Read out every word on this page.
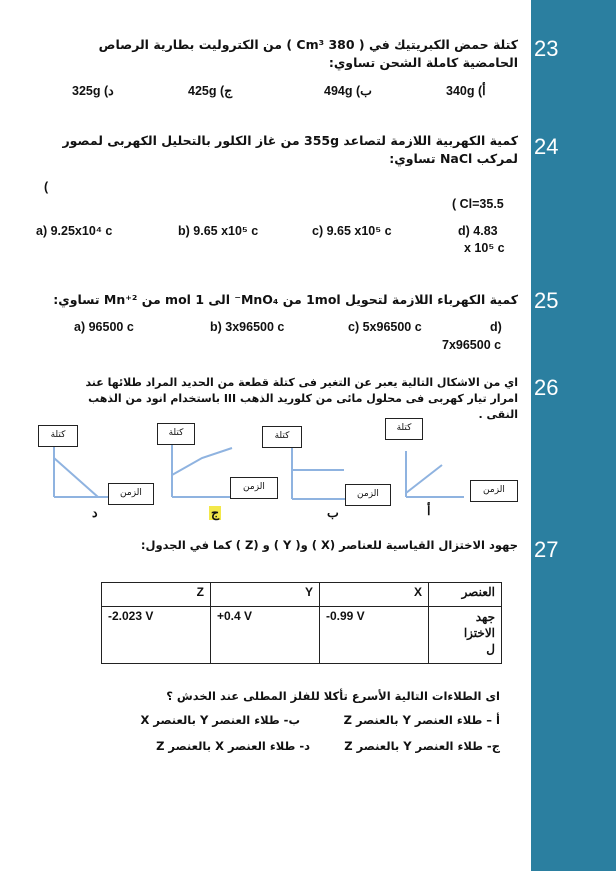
23
كتلة حمض الكبريتيك في ( 380 Cm³ ) من الكتروليت بطارية الرصاص الحامضية كاملة الشحن تساوي:
أ) 340g
ب) 494g
ج) 425g
د) 325g
24
كمية الكهربية اللازمة لتصاعد 355g من غاز الكلور بالتحليل الكهربى لمصور لمركب NaCl تساوي:
(
( Cl=35.5
a) 9.25x10⁴ c	b) 9.65 x10⁵ c	c) 9.65 x10⁵ c	d) 4.83
x 10⁵ c
25
كمية الكهرباء اللازمة لتحويل 1mol من MnO₄⁻ الى 1 mol من Mn⁺² تساوي:
a) 96500 c	b) 3x96500 c	c) 5x96500 c	d)
7x96500 c
26
اي من الاشكال التالية يعبر عن التغير فى كتلة قطعة من الحديد المراد طلائها عند امرار تيار كهربى فى محلول مائى من كلوريد الذهب III باستخدام انود من الذهب النقى .
كتلة
الزمن
كتلة
الزمن
كتلة
الزمن
كتلة
الزمن
د	ج	ب	أ
27
جهود الاختزال القياسية للعناصر (X ) و( Y ) و (Z ) كما في الجدول:
Z	Y	X	العنصر
-2.023 V	+0.4 V	-0.99 V	جهد
الاختزا
ل
اى الطلاءات التالية الأسرع تأكلا للفلز المطلى عند الخدش ؟
أ – طلاء العنصر Y بالعنصر Z
ب- طلاء العنصر Y بالعنصر X
ج- طلاء العنصر Y بالعنصر Z
د- طلاء العنصر X بالعنصر Z
